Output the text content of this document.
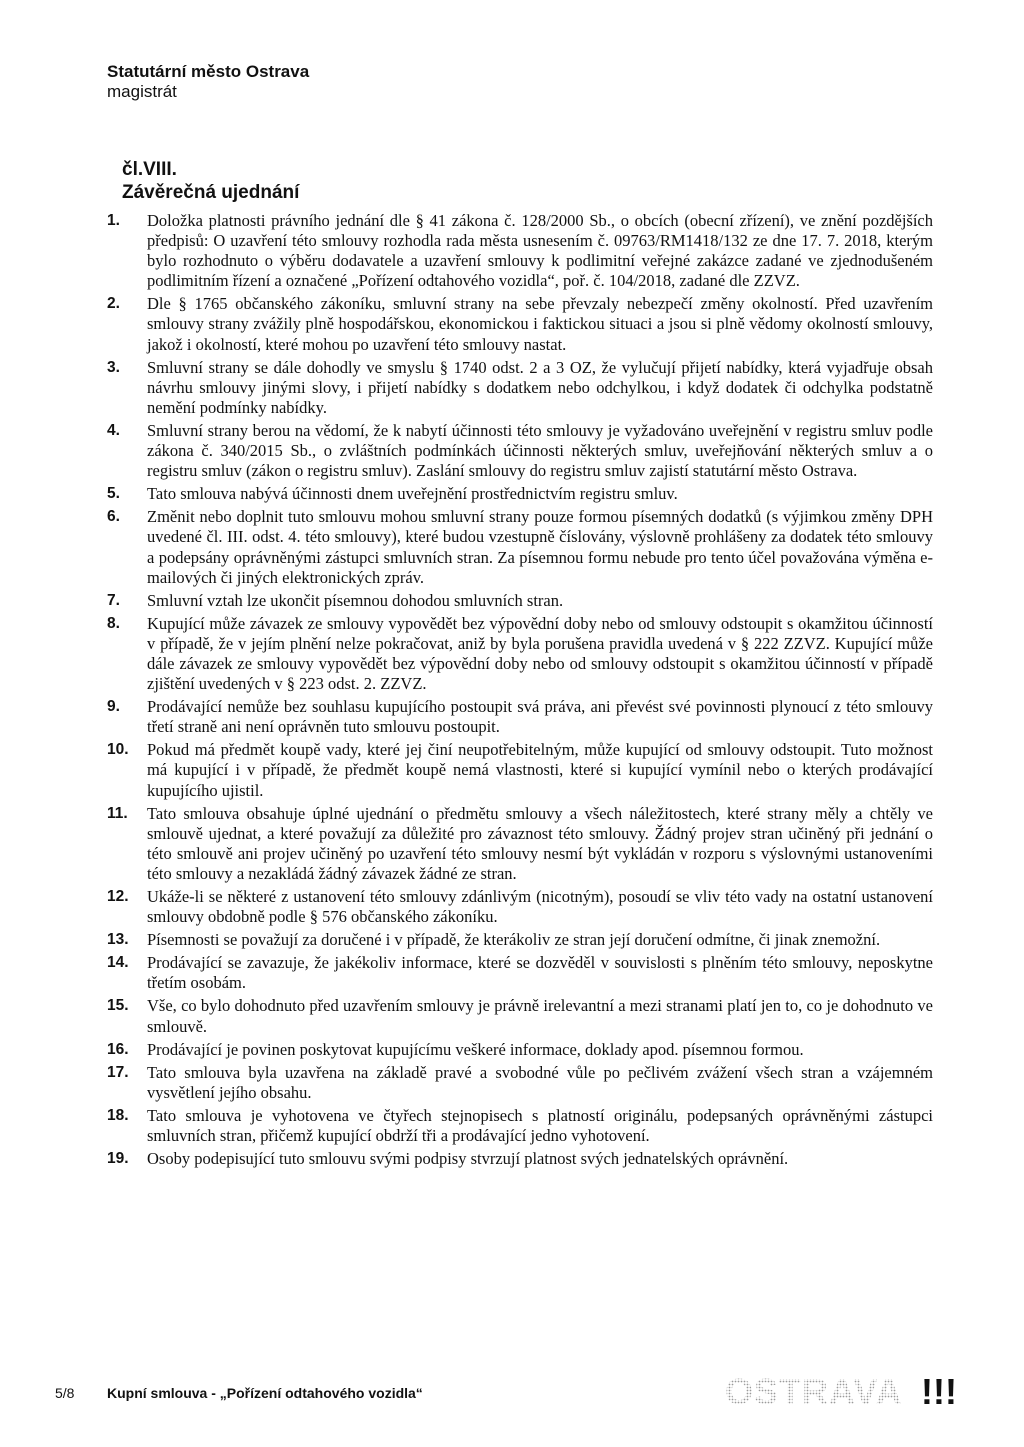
Statutární město Ostrava
magistrát
čl.VIII.
Závěrečná ujednání
1. Doložka platnosti právního jednání dle § 41 zákona č. 128/2000 Sb., o obcích (obecní zřízení), ve znění pozdějších předpisů: O uzavření této smlouvy rozhodla rada města usnesením č. 09763/RM1418/132 ze dne 17. 7. 2018, kterým bylo rozhodnuto o výběru dodavatele a uzavření smlouvy k podlimitní veřejné zakázce zadané ve zjednodušeném podlimitním řízení a označené „Pořízení odtahového vozidla“, poř. č. 104/2018, zadané dle ZZVZ.
2. Dle § 1765 občanského zákoníku, smluvní strany na sebe převzaly nebezpečí změny okolností. Před uzavřením smlouvy strany zvážily plně hospodářskou, ekonomickou i faktickou situaci a jsou si plně vědomy okolností smlouvy, jakož i okolností, které mohou po uzavření této smlouvy nastat.
3. Smluvní strany se dále dohodly ve smyslu § 1740 odst. 2 a 3 OZ, že vylučují přijetí nabídky, která vyjadřuje obsah návrhu smlouvy jinými slovy, i přijetí nabídky s dodatkem nebo odchylkou, i když dodatek či odchylka podstatně nemění podmínky nabídky.
4. Smluvní strany berou na vědomí, že k nabytí účinnosti této smlouvy je vyžadováno uveřejnění v registru smluv podle zákona č. 340/2015 Sb., o zvláštních podmínkách účinnosti některých smluv, uveřejňování některých smluv a o registru smluv (zákon o registru smluv). Zaslání smlouvy do registru smluv zajistí statutární město Ostrava.
5. Tato smlouva nabývá účinnosti dnem uveřejnění prostřednictvím registru smluv.
6. Změnit nebo doplnit tuto smlouvu mohou smluvní strany pouze formou písemných dodatků (s výjimkou změny DPH uvedené čl. III. odst. 4. této smlouvy), které budou vzestupně číslovány, výslovně prohlášeny za dodatek této smlouvy a podepsány oprávněnými zástupci smluvních stran. Za písemnou formu nebude pro tento účel považována výměna e-mailových či jiných elektronických zpráv.
7. Smluvní vztah lze ukončit písemnou dohodou smluvních stran.
8. Kupující může závazek ze smlouvy vypovědět bez výpovědní doby nebo od smlouvy odstoupit s okamžitou účinností v případě, že v jejím plnění nelze pokračovat, aniž by byla porušena pravidla uvedená v § 222 ZZVZ. Kupující může dále závazek ze smlouvy vypovědět bez výpovědní doby nebo od smlouvy odstoupit s okamžitou účinností v případě zjištění uvedených v § 223 odst. 2. ZZVZ.
9. Prodávající nemůže bez souhlasu kupujícího postoupit svá práva, ani převést své povinnosti plynoucí z této smlouvy třetí straně ani není oprávněn tuto smlouvu postoupit.
10. Pokud má předmět koupě vady, které jej činí neupotřebitelným, může kupující od smlouvy odstoupit. Tuto možnost má kupující i v případě, že předmět koupě nemá vlastnosti, které si kupující vymínil nebo o kterých prodávající kupujícího ujistil.
11. Tato smlouva obsahuje úplné ujednání o předmětu smlouvy a všech náležitostech, které strany měly a chtěly ve smlouvě ujednat, a které považují za důležité pro závaznost této smlouvy. Žádný projev stran učiněný při jednání o této smlouvě ani projev učiněný po uzavření této smlouvy nesmí být vykládán v rozporu s výslovnými ustanoveními této smlouvy a nezakládá žádný závazek žádné ze stran.
12. Ukáže-li se některé z ustanovení této smlouvy zdánlivým (nicotným), posoudí se vliv této vady na ostatní ustanovení smlouvy obdobně podle § 576 občanského zákoníku.
13. Písemnosti se považují za doručené i v případě, že kterákoliv ze stran její doručení odmítne, či jinak znemožní.
14. Prodávající se zavazuje, že jakékoliv informace, které se dozvěděl v souvislosti s plněním této smlouvy, neposkytne třetím osobám.
15. Vše, co bylo dohodnuto před uzavřením smlouvy je právně irelevantní a mezi stranami platí jen to, co je dohodnuto ve smlouvě.
16. Prodávající je povinen poskytovat kupujícímu veškeré informace, doklady apod. písemnou formou.
17. Tato smlouva byla uzavřena na základě pravé a svobodné vůle po pečlivém zvážení všech stran a vzájemném vysvětlení jejího obsahu.
18. Tato smlouva je vyhotovena ve čtyřech stejnopisech s platností originálu, podepsaných oprávněnými zástupci smluvních stran, přičemž kupující obdrží tři a prodávající jedno vyhotovení.
19. Osoby podepisující tuto smlouvu svými podpisy stvrzují platnost svých jednatelských oprávnění.
5/8 Kupní smlouva - „Pořízení odtahového vozidla“	OSTRAVA !!!
